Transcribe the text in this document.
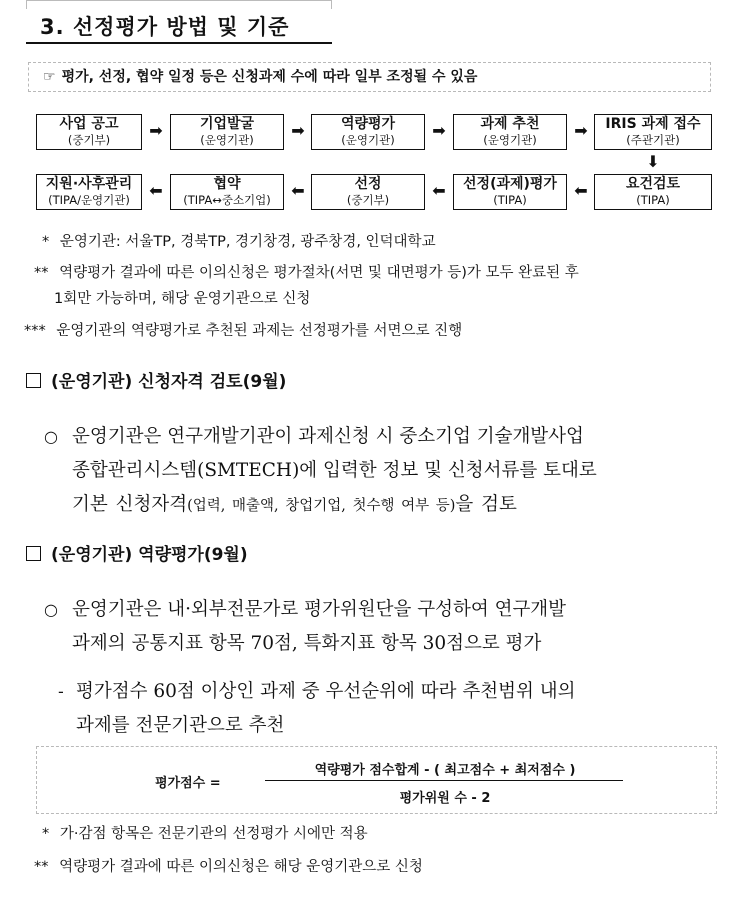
3. 선정평가 방법 및 기준
☞ 평가, 선정, 협약 일정 등은 신청과제 수에 따라 일부 조정될 수 있음
사업 공고
(중기부)	➡	기업발굴
(운영기관)	➡	역량평가
(운영기관)	➡	과제 추천
(운영기관)	➡	IRIS 과제 접수
(주관기관)
⬇
지원·사후관리
(TIPA/운영기관)	⬅	협약
(TIPA↔중소기업)	⬅	선정
(중기부)	⬅	선정(과제)평가
(TIPA)	⬅	요건검토
(TIPA)
* 운영기관: 서울TP, 경북TP, 경기창경, 광주창경, 인덕대학교
** 역량평가 결과에 따른 이의신청은 평가절차(서면 및 대면평가 등)가 모두 완료된 후
1회만 가능하며, 해당 운영기관으로 신청
*** 운영기관의 역량평가로 추천된 과제는 선정평가를 서면으로 진행
(운영기관) 신청자격 검토(9월)
○ 운영기관은 연구개발기관이 과제신청 시 중소기업 기술개발사업
종합관리시스템(SMTECH)에 입력한 정보 및 신청서류를 토대로
기본 신청자격(업력, 매출액, 창업기업, 첫수행 여부 등)을 검토
(운영기관) 역량평가(9월)
○ 운영기관은 내·외부전문가로 평가위원단을 구성하여 연구개발
과제의 공통지표 항목 70점, 특화지표 항목 30점으로 평가
- 평가점수 60점 이상인 과제 중 우선순위에 따라 추천범위 내의
과제를 전문기관으로 추천
평가점수 =
역량평가 점수합계 - ( 최고점수 + 최저점수 )
평가위원 수 - 2
* 가·감점 항목은 전문기관의 선정평가 시에만 적용
** 역량평가 결과에 따른 이의신청은 해당 운영기관으로 신청
